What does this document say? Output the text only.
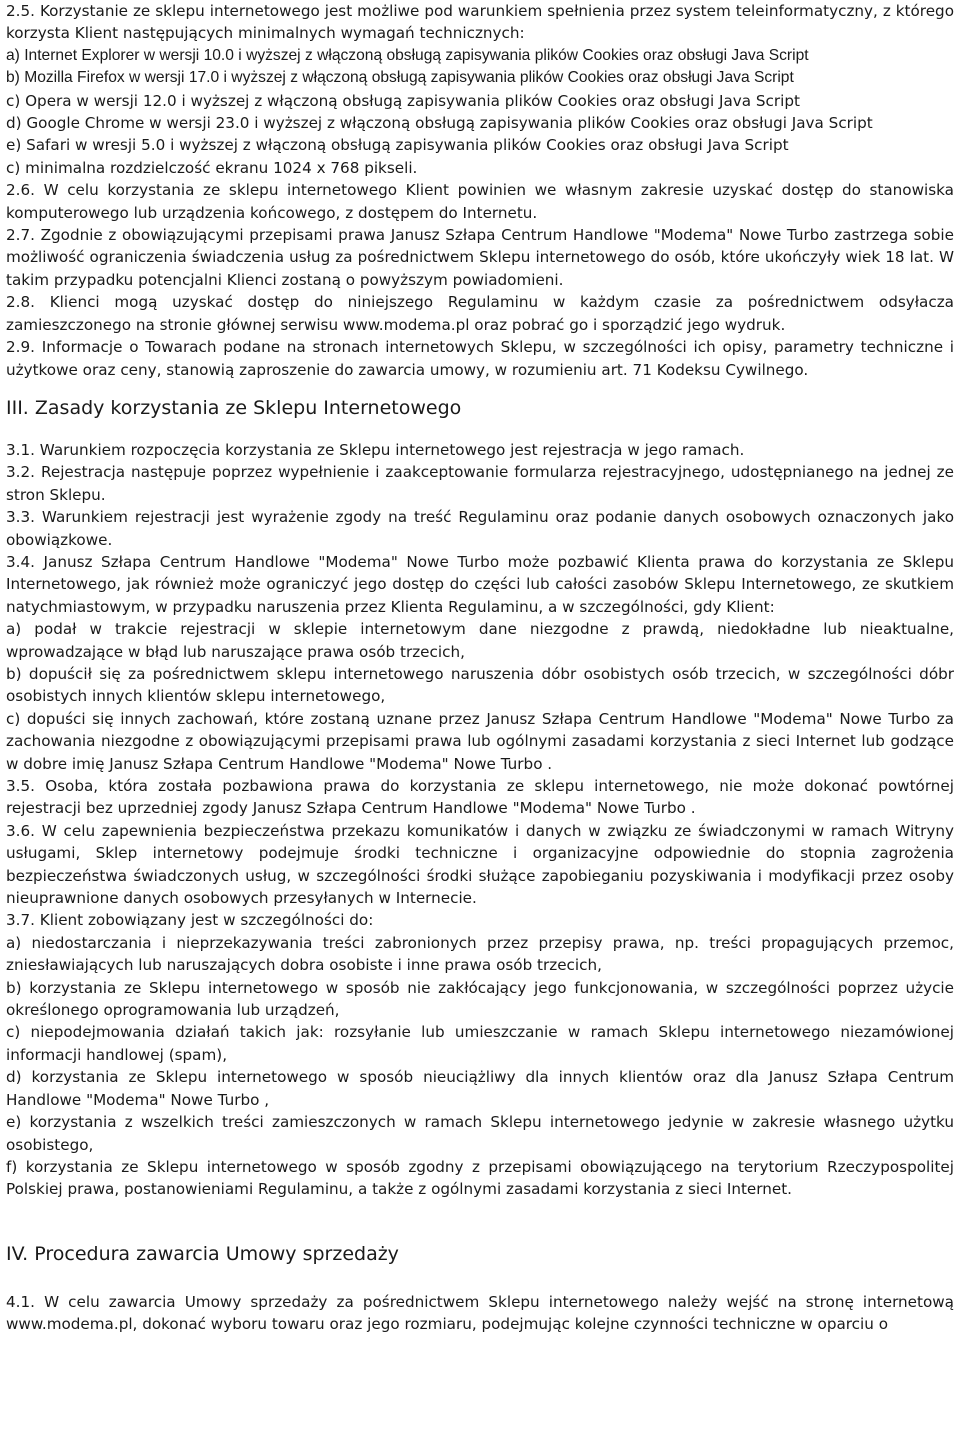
2.5. Korzystanie ze sklepu internetowego jest możliwe pod warunkiem spełnienia przez system teleinformatyczny, z którego korzysta Klient następujących minimalnych wymagań technicznych:

a) Internet Explorer w wersji 10.0 i wyższej z włączoną obsługą zapisywania plików Cookies oraz obsługi Java Script

b) Mozilla Firefox w wersji 17.0 i wyższej z włączoną obsługą zapisywania plików Cookies oraz obsługi Java Script

c) Opera w wersji 12.0 i wyższej z włączoną obsługą zapisywania plików Cookies oraz obsługi Java Script

d) Google Chrome w wersji 23.0 i wyższej z włączoną obsługą zapisywania plików Cookies oraz obsługi Java Script

e) Safari w wresji 5.0 i wyższej z włączoną obsługą zapisywania plików Cookies oraz obsługi Java Script

c) minimalna rozdzielczość ekranu 1024 x 768 pikseli.

2.6. W celu korzystania ze sklepu internetowego Klient powinien we własnym zakresie uzyskać dostęp do stanowiska komputerowego lub urządzenia końcowego, z dostępem do Internetu.

2.7. Zgodnie z obowiązującymi przepisami prawa Janusz Szłapa Centrum Handlowe "Modema" Nowe Turbo zastrzega sobie możliwość ograniczenia świadczenia usług za pośrednictwem Sklepu internetowego do osób, które ukończyły wiek 18 lat. W takim przypadku potencjalni Klienci zostaną o powyższym powiadomieni.

2.8. Klienci mogą uzyskać dostęp do niniejszego Regulaminu w każdym czasie za pośrednictwem odsyłacza zamieszczonego na stronie głównej serwisu www.modema.pl oraz pobrać go i sporządzić jego wydruk.

2.9. Informacje o Towarach podane na stronach internetowych Sklepu, w szczególności ich opisy, parametry techniczne i użytkowe oraz ceny, stanowią zaproszenie do zawarcia umowy, w rozumieniu art. 71 Kodeksu Cywilnego.

III. Zasady korzystania ze Sklepu Internetowego

3.1. Warunkiem rozpoczęcia korzystania ze Sklepu internetowego jest rejestracja w jego ramach.

3.2. Rejestracja następuje poprzez wypełnienie i zaakceptowanie formularza rejestracyjnego, udostępnianego na jednej ze stron Sklepu.

3.3. Warunkiem rejestracji jest wyrażenie zgody na treść Regulaminu oraz podanie danych osobowych oznaczonych jako obowiązkowe.

3.4. Janusz Szłapa Centrum Handlowe "Modema" Nowe Turbo może pozbawić Klienta prawa do korzystania ze Sklepu Internetowego, jak również może ograniczyć jego dostęp do części lub całości zasobów Sklepu Internetowego, ze skutkiem natychmiastowym, w przypadku naruszenia przez Klienta Regulaminu, a w szczególności, gdy Klient:

a) podał w trakcie rejestracji w sklepie internetowym dane niezgodne z prawdą, niedokładne lub nieaktualne, wprowadzające w błąd lub naruszające prawa osób trzecich,

b) dopuścił się za pośrednictwem sklepu internetowego naruszenia dóbr osobistych osób trzecich, w szczególności dóbr osobistych innych klientów sklepu internetowego,

c) dopuści się innych zachowań, które zostaną uznane przez Janusz Szłapa Centrum Handlowe "Modema" Nowe Turbo za zachowania niezgodne z obowiązującymi przepisami prawa lub ogólnymi zasadami korzystania z sieci Internet lub godzące w dobre imię Janusz Szłapa Centrum Handlowe "Modema" Nowe Turbo .

3.5. Osoba, która została pozbawiona prawa do korzystania ze sklepu internetowego, nie może dokonać powtórnej rejestracji bez uprzedniej zgody Janusz Szłapa Centrum Handlowe "Modema" Nowe Turbo .

3.6. W celu zapewnienia bezpieczeństwa przekazu komunikatów i danych w związku ze świadczonymi w ramach Witryny usługami, Sklep internetowy podejmuje środki techniczne i organizacyjne odpowiednie do stopnia zagrożenia bezpieczeństwa świadczonych usług, w szczególności środki służące zapobieganiu pozyskiwania i modyfikacji przez osoby nieuprawnione danych osobowych przesyłanych w Internecie.

3.7. Klient zobowiązany jest w szczególności do:

a) niedostarczania i nieprzekazywania treści zabronionych przez przepisy prawa, np. treści propagujących przemoc, zniesławiających lub naruszających dobra osobiste i inne prawa osób trzecich,

b) korzystania ze Sklepu internetowego w sposób nie zakłócający jego funkcjonowania, w szczególności poprzez użycie określonego oprogramowania lub urządzeń,

c) niepodejmowania działań takich jak: rozsyłanie lub umieszczanie w ramach Sklepu internetowego niezamówionej informacji handlowej (spam),

d) korzystania ze Sklepu internetowego w sposób nieuciążliwy dla innych klientów oraz dla Janusz Szłapa Centrum Handlowe "Modema" Nowe Turbo ,

e) korzystania z wszelkich treści zamieszczonych w ramach Sklepu internetowego jedynie w zakresie własnego użytku osobistego,

f) korzystania ze Sklepu internetowego w sposób zgodny z przepisami obowiązującego na terytorium Rzeczypospolitej Polskiej prawa, postanowieniami Regulaminu, a także z ogólnymi zasadami korzystania z sieci Internet.

IV. Procedura zawarcia Umowy sprzedaży

4.1. W celu zawarcia Umowy sprzedaży za pośrednictwem Sklepu internetowego należy wejść na stronę internetową www.modema.pl, dokonać wyboru towaru oraz jego rozmiaru, podejmując kolejne czynności techniczne w oparciu o
